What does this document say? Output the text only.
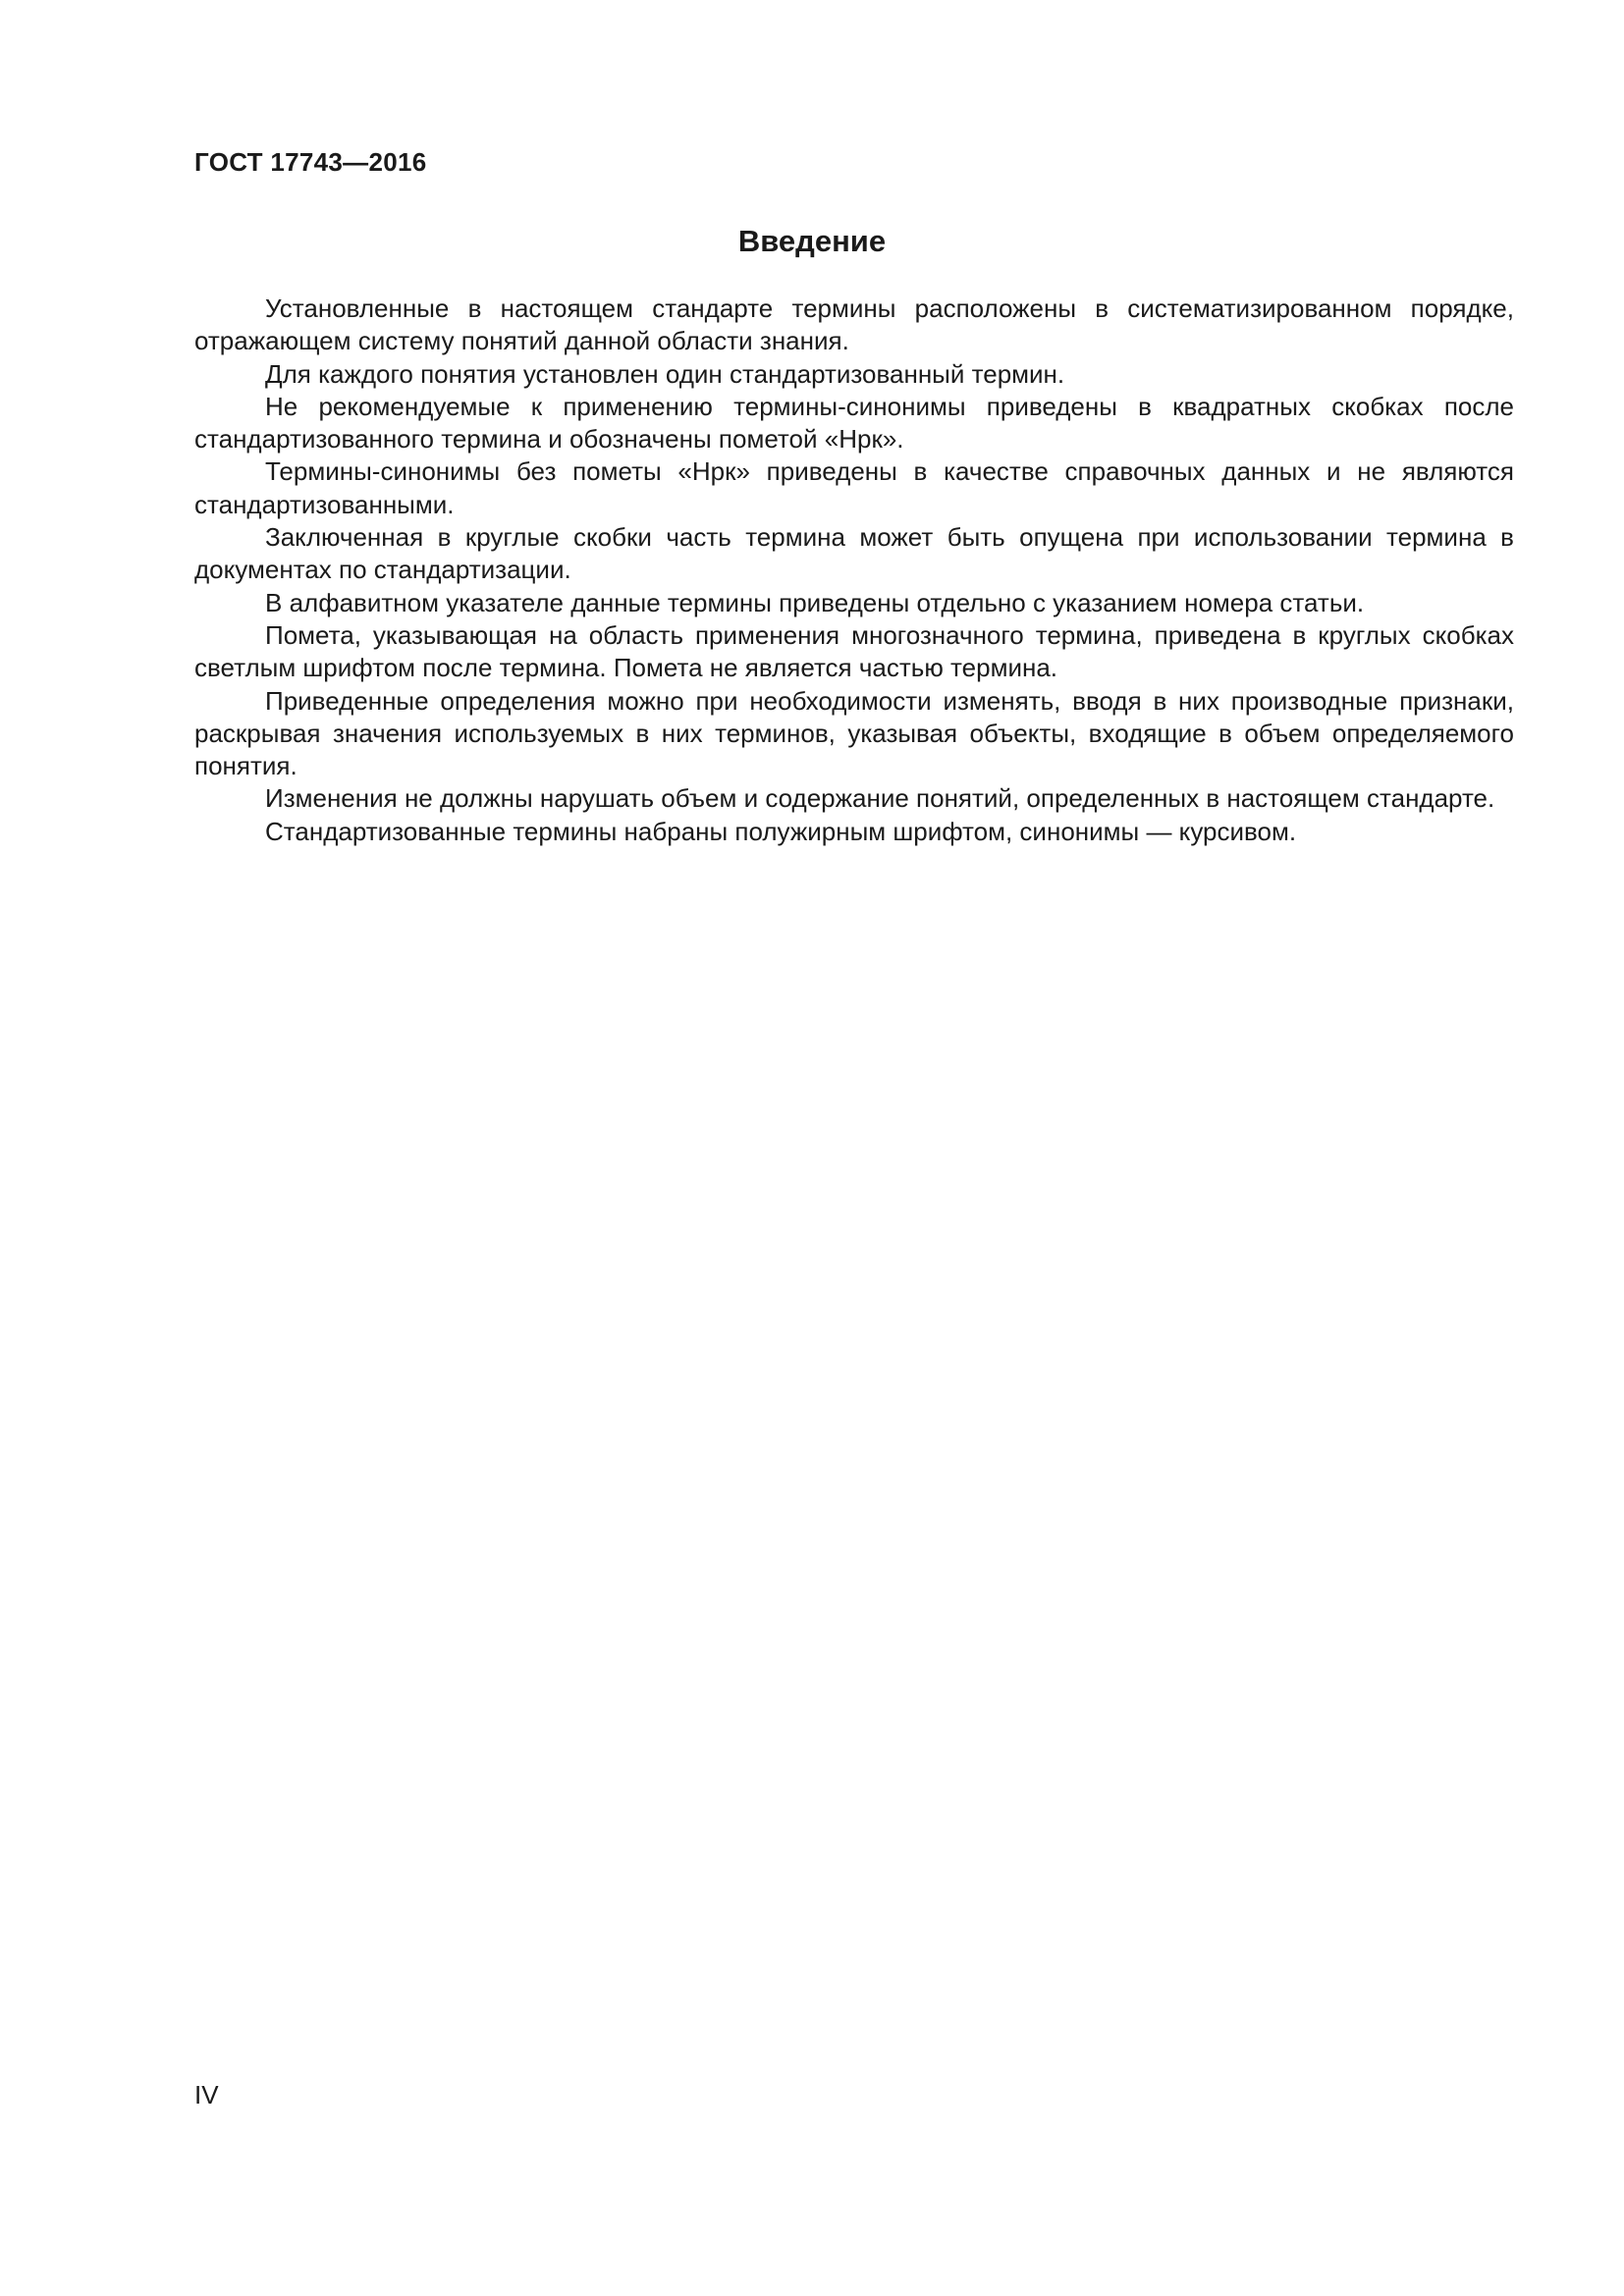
ГОСТ 17743—2016
Введение

Установленные в настоящем стандарте термины расположены в систематизированном порядке, отражающем систему понятий данной области знания.

Для каждого понятия установлен один стандартизованный термин.

Не рекомендуемые к применению термины-синонимы приведены в квадратных скобках после стандартизованного термина и обозначены пометой «Нрк».

Термины-синонимы без пометы «Нрк» приведены в качестве справочных данных и не являются стандартизованными.

Заключенная в круглые скобки часть термина может быть опущена при использовании термина в документах по стандартизации.

В алфавитном указателе данные термины приведены отдельно с указанием номера статьи.

Помета, указывающая на область применения многозначного термина, приведена в круглых скобках светлым шрифтом после термина. Помета не является частью термина.

Приведенные определения можно при необходимости изменять, вводя в них производные признаки, раскрывая значения используемых в них терминов, указывая объекты, входящие в объем определяемого понятия.

Изменения не должны нарушать объем и содержание понятий, определенных в настоящем стандарте.

Стандартизованные термины набраны полужирным шрифтом, синонимы — курсивом.

IV
